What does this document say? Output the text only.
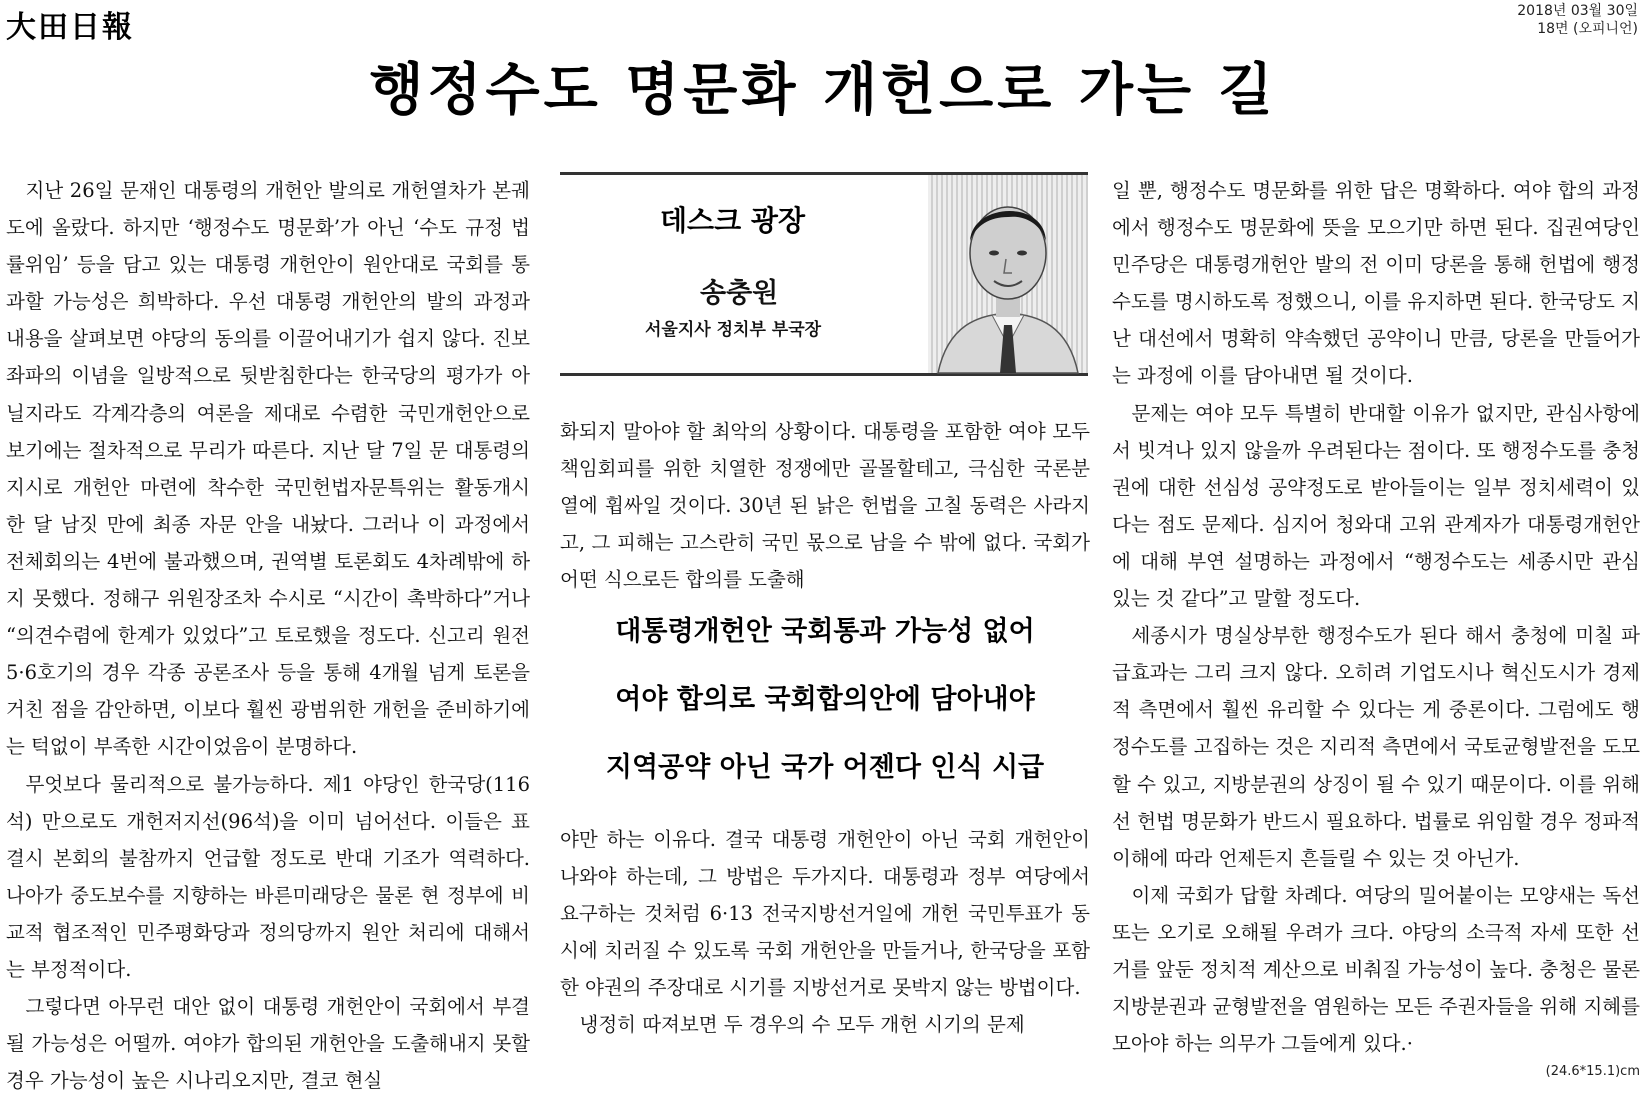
大田日報	2018년 03월 30일
18면 (오피니언)
행정수도 명문화 개헌으로 가는 길

지난 26일 문재인 대통령의 개헌안 발의로 개헌열차가 본궤도에 올랐다. 하지만 ‘행정수도 명문화’가 아닌 ‘수도 규정 법률위임’ 등을 담고 있는 대통령 개헌안이 원안대로 국회를 통과할 가능성은 희박하다. 우선 대통령 개헌안의 발의 과정과 내용을 살펴보면 야당의 동의를 이끌어내기가 쉽지 않다. 진보좌파의 이념을 일방적으로 뒷받침한다는 한국당의 평가가 아닐지라도 각계각층의 여론을 제대로 수렴한 국민개헌안으로 보기에는 절차적으로 무리가 따른다. 지난 달 7일 문 대통령의 지시로 개헌안 마련에 착수한 국민헌법자문특위는 활동개시 한 달 남짓 만에 최종 자문 안을 내놨다. 그러나 이 과정에서 전체회의는 4번에 불과했으며, 권역별 토론회도 4차례밖에 하지 못했다. 정해구 위원장조차 수시로 “시간이 촉박하다”거나 “의견수렴에 한계가 있었다”고 토로했을 정도다. 신고리 원전 5·6호기의 경우 각종 공론조사 등을 통해 4개월 넘게 토론을 거친 점을 감안하면, 이보다 훨씬 광범위한 개헌을 준비하기에는 턱없이 부족한 시간이었음이 분명하다.

무엇보다 물리적으로 불가능하다. 제1 야당인 한국당(116석) 만으로도 개헌저지선(96석)을 이미 넘어선다. 이들은 표결시 본회의 불참까지 언급할 정도로 반대 기조가 역력하다. 나아가 중도보수를 지향하는 바른미래당은 물론 현 정부에 비교적 협조적인 민주평화당과 정의당까지 원안 처리에 대해서는 부정적이다.

그렇다면 아무런 대안 없이 대통령 개헌안이 국회에서 부결될 가능성은 어떨까. 여야가 합의된 개헌안을 도출해내지 못할 경우 가능성이 높은 시나리오지만, 결코 현실

데스크 광장
송충원
서울지사 정치부 부국장

화되지 말아야 할 최악의 상황이다. 대통령을 포함한 여야 모두 책임회피를 위한 치열한 정쟁에만 골몰할테고, 극심한 국론분열에 휩싸일 것이다. 30년 된 낡은 헌법을 고칠 동력은 사라지고, 그 피해는 고스란히 국민 몫으로 남을 수 밖에 없다. 국회가 어떤 식으로든 합의를 도출해

대통령개헌안 국회통과 가능성 없어
여야 합의로 국회합의안에 담아내야
지역공약 아닌 국가 어젠다 인식 시급

야만 하는 이유다. 결국 대통령 개헌안이 아닌 국회 개헌안이 나와야 하는데, 그 방법은 두가지다. 대통령과 정부 여당에서 요구하는 것처럼 6·13 전국지방선거일에 개헌 국민투표가 동시에 치러질 수 있도록 국회 개헌안을 만들거나, 한국당을 포함한 야권의 주장대로 시기를 지방선거로 못박지 않는 방법이다.

냉정히 따져보면 두 경우의 수 모두 개헌 시기의 문제

일 뿐, 행정수도 명문화를 위한 답은 명확하다. 여야 합의 과정에서 행정수도 명문화에 뜻을 모으기만 하면 된다. 집권여당인 민주당은 대통령개헌안 발의 전 이미 당론을 통해 헌법에 행정수도를 명시하도록 정했으니, 이를 유지하면 된다. 한국당도 지난 대선에서 명확히 약속했던 공약이니 만큼, 당론을 만들어가는 과정에 이를 담아내면 될 것이다.

문제는 여야 모두 특별히 반대할 이유가 없지만, 관심사항에서 빗겨나 있지 않을까 우려된다는 점이다. 또 행정수도를 충청권에 대한 선심성 공약정도로 받아들이는 일부 정치세력이 있다는 점도 문제다. 심지어 청와대 고위 관계자가 대통령개헌안에 대해 부연 설명하는 과정에서 “행정수도는 세종시만 관심 있는 것 같다”고 말할 정도다.

세종시가 명실상부한 행정수도가 된다 해서 충청에 미칠 파급효과는 그리 크지 않다. 오히려 기업도시나 혁신도시가 경제적 측면에서 훨씬 유리할 수 있다는 게 중론이다. 그럼에도 행정수도를 고집하는 것은 지리적 측면에서 국토균형발전을 도모할 수 있고, 지방분권의 상징이 될 수 있기 때문이다. 이를 위해선 헌법 명문화가 반드시 필요하다. 법률로 위임할 경우 정파적 이해에 따라 언제든지 흔들릴 수 있는 것 아닌가.

이제 국회가 답할 차례다. 여당의 밀어붙이는 모양새는 독선 또는 오기로 오해될 우려가 크다. 야당의 소극적 자세 또한 선거를 앞둔 정치적 계산으로 비춰질 가능성이 높다. 충청은 물론 지방분권과 균형발전을 염원하는 모든 주권자들을 위해 지혜를 모아야 하는 의무가 그들에게 있다.·

(24.6*15.1)cm
